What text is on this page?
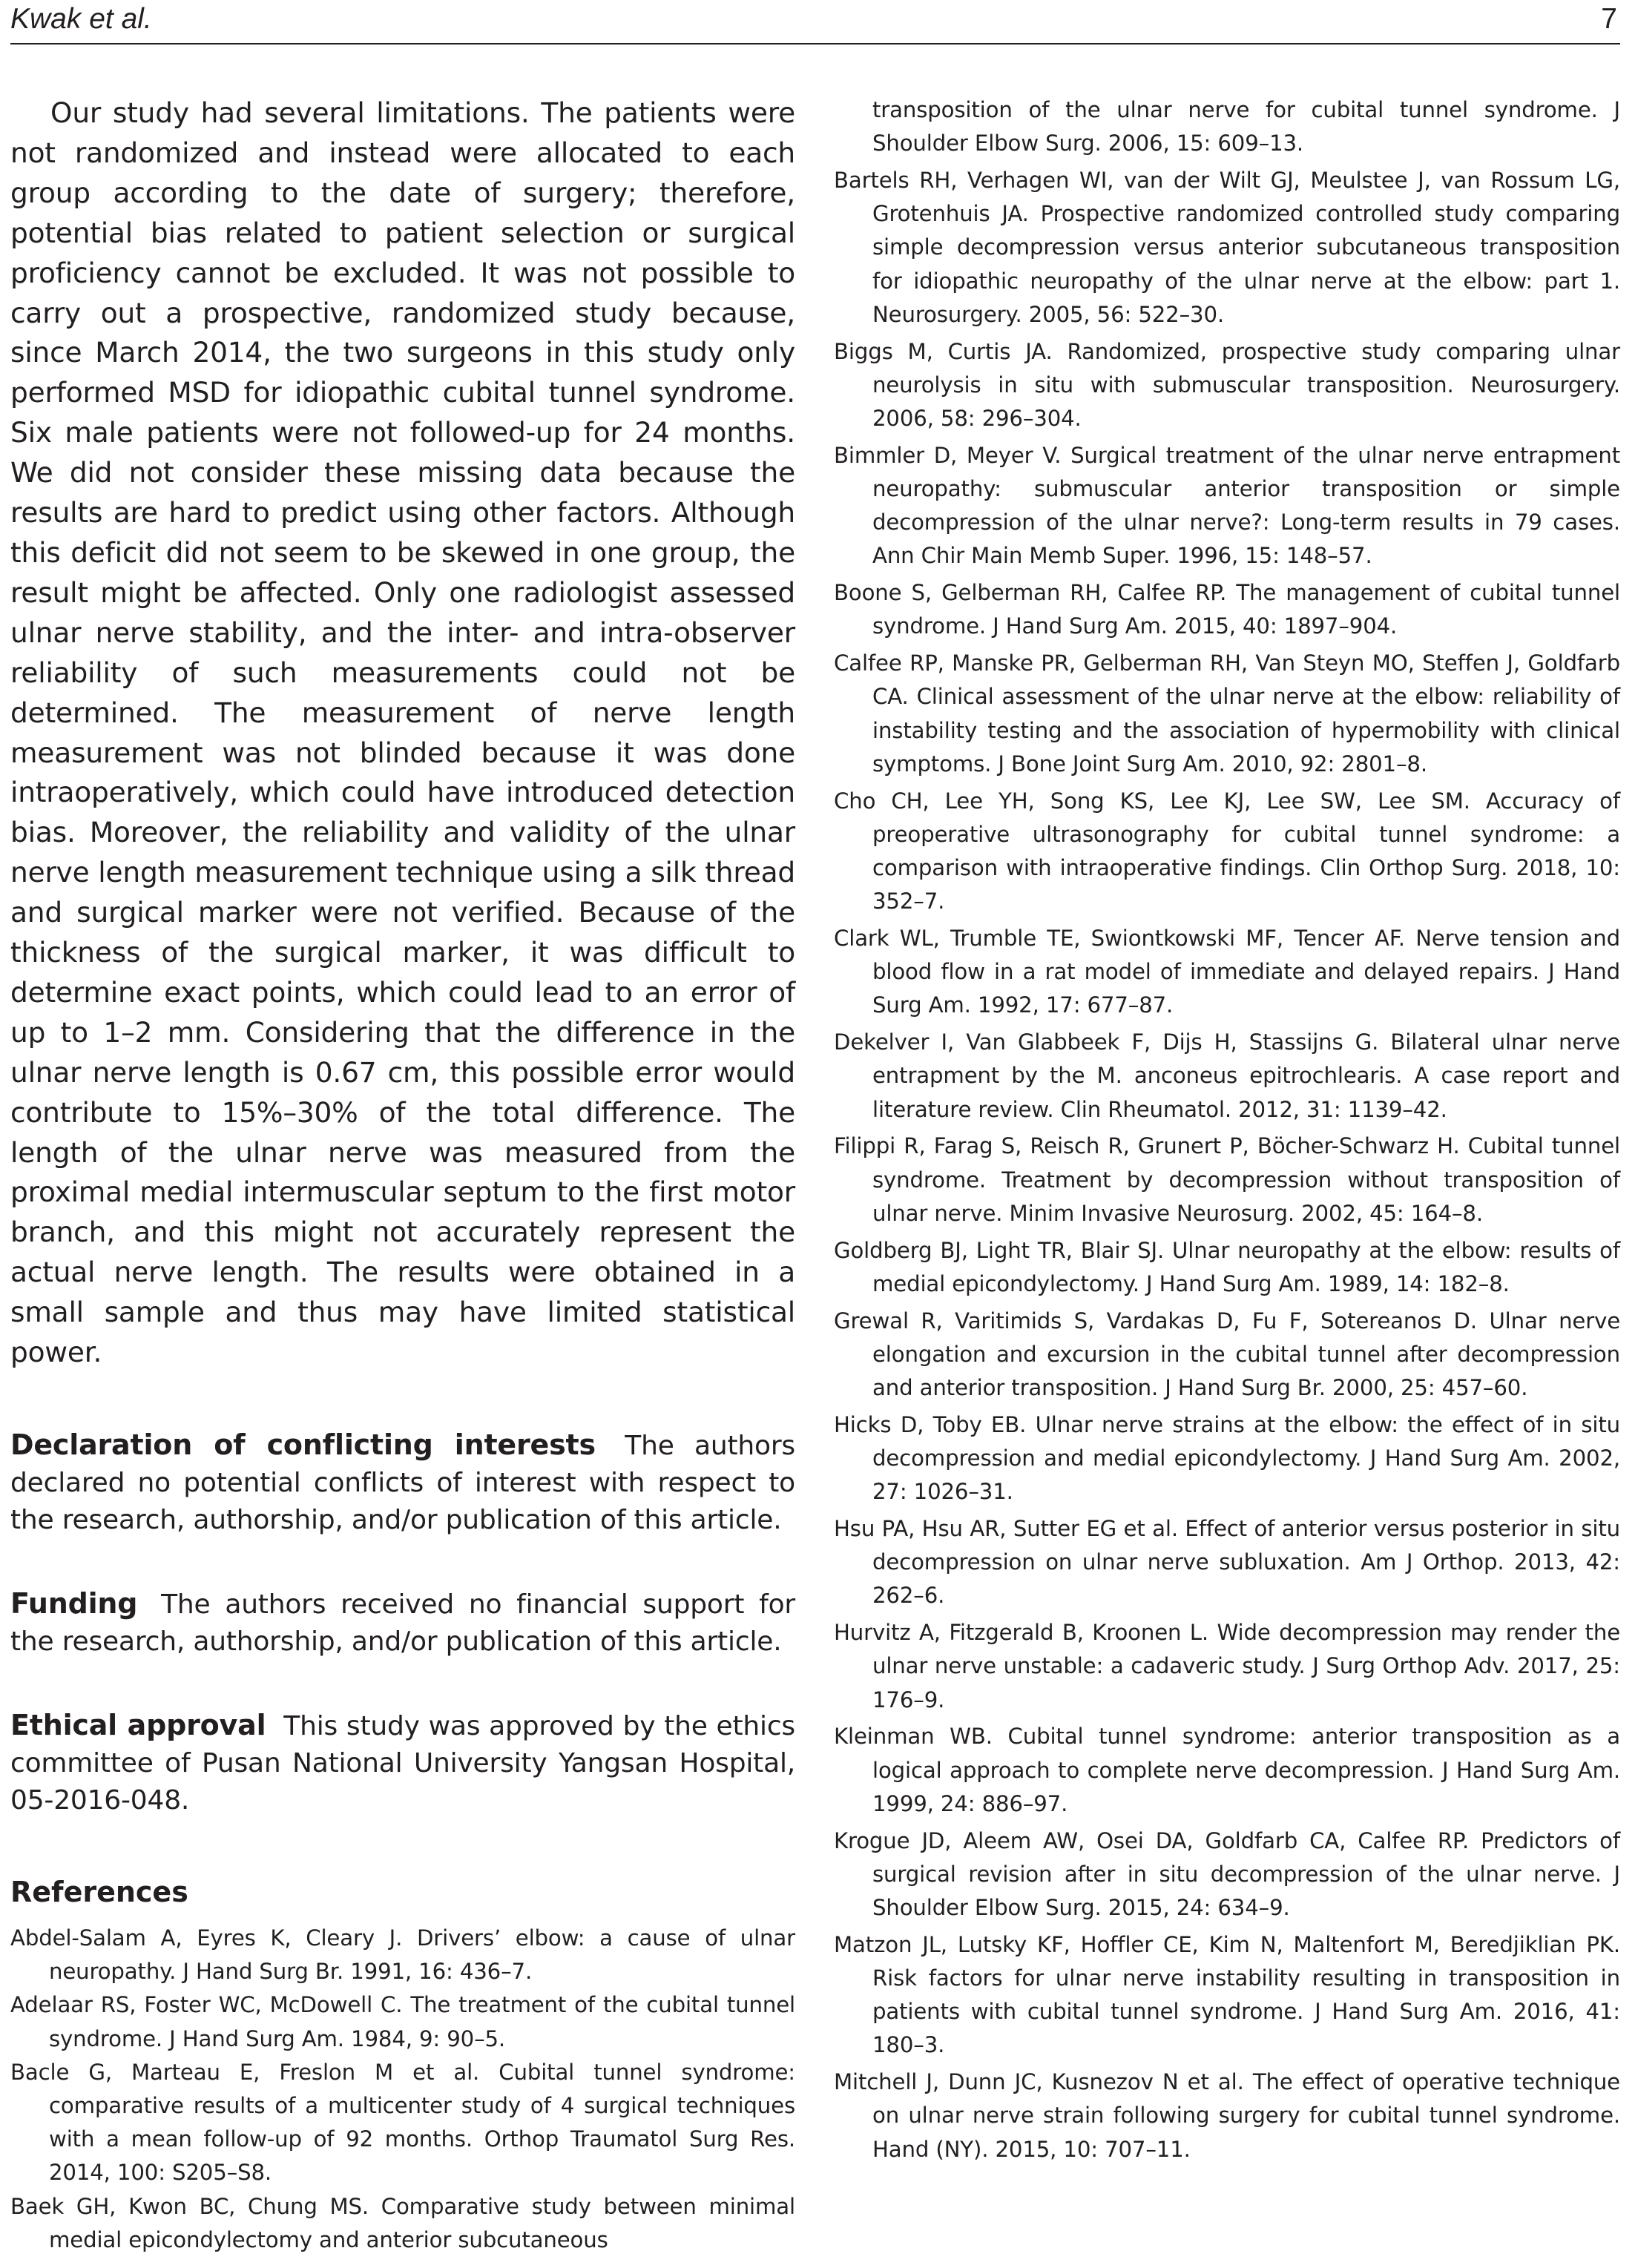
Kwak et al.	7

Our study had several limitations. The patients were not randomized and instead were allocated to each group according to the date of surgery; therefore, potential bias related to patient selection or surgical proficiency cannot be excluded. It was not possible to carry out a prospective, randomized study because, since March 2014, the two surgeons in this study only performed MSD for idiopathic cubital tunnel syndrome. Six male patients were not followed-up for 24 months. We did not consider these missing data because the results are hard to predict using other factors. Although this deficit did not seem to be skewed in one group, the result might be affected. Only one radiologist assessed ulnar nerve stability, and the inter- and intra-observer reliability of such measurements could not be determined. The measurement of nerve length measurement was not blinded because it was done intraoperatively, which could have introduced detection bias. Moreover, the reliability and validity of the ulnar nerve length measurement technique using a silk thread and surgical marker were not verified. Because of the thickness of the surgical marker, it was difficult to determine exact points, which could lead to an error of up to 1–2 mm. Considering that the difference in the ulnar nerve length is 0.67 cm, this possible error would contribute to 15%–30% of the total difference. The length of the ulnar nerve was measured from the proximal medial intermuscular septum to the first motor branch, and this might not accurately represent the actual nerve length. The results were obtained in a small sample and thus may have limited statistical power.

Declaration of conflicting interests The authors declared no potential conflicts of interest with respect to the research, authorship, and/or publication of this article.

Funding The authors received no financial support for the research, authorship, and/or publication of this article.

Ethical approval This study was approved by the ethics committee of Pusan National University Yangsan Hospital, 05-2016-048.

References
Abdel-Salam A, Eyres K, Cleary J. Drivers’ elbow: a cause of ulnar neuropathy. J Hand Surg Br. 1991, 16: 436–7.
Adelaar RS, Foster WC, McDowell C. The treatment of the cubital tunnel syndrome. J Hand Surg Am. 1984, 9: 90–5.
Bacle G, Marteau E, Freslon M et al. Cubital tunnel syndrome: comparative results of a multicenter study of 4 surgical techniques with a mean follow-up of 92 months. Orthop Traumatol Surg Res. 2014, 100: S205–S8.
Baek GH, Kwon BC, Chung MS. Comparative study between minimal medial epicondylectomy and anterior subcutaneous
transposition of the ulnar nerve for cubital tunnel syndrome. J Shoulder Elbow Surg. 2006, 15: 609–13.
Bartels RH, Verhagen WI, van der Wilt GJ, Meulstee J, van Rossum LG, Grotenhuis JA. Prospective randomized controlled study comparing simple decompression versus anterior subcutaneous transposition for idiopathic neuropathy of the ulnar nerve at the elbow: part 1. Neurosurgery. 2005, 56: 522–30.
Biggs M, Curtis JA. Randomized, prospective study comparing ulnar neurolysis in situ with submuscular transposition. Neurosurgery. 2006, 58: 296–304.
Bimmler D, Meyer V. Surgical treatment of the ulnar nerve entrapment neuropathy: submuscular anterior transposition or simple decompression of the ulnar nerve?: Long-term results in 79 cases. Ann Chir Main Memb Super. 1996, 15: 148–57.
Boone S, Gelberman RH, Calfee RP. The management of cubital tunnel syndrome. J Hand Surg Am. 2015, 40: 1897–904.
Calfee RP, Manske PR, Gelberman RH, Van Steyn MO, Steffen J, Goldfarb CA. Clinical assessment of the ulnar nerve at the elbow: reliability of instability testing and the association of hypermobility with clinical symptoms. J Bone Joint Surg Am. 2010, 92: 2801–8.
Cho CH, Lee YH, Song KS, Lee KJ, Lee SW, Lee SM. Accuracy of preoperative ultrasonography for cubital tunnel syndrome: a comparison with intraoperative findings. Clin Orthop Surg. 2018, 10: 352–7.
Clark WL, Trumble TE, Swiontkowski MF, Tencer AF. Nerve tension and blood flow in a rat model of immediate and delayed repairs. J Hand Surg Am. 1992, 17: 677–87.
Dekelver I, Van Glabbeek F, Dijs H, Stassijns G. Bilateral ulnar nerve entrapment by the M. anconeus epitrochlearis. A case report and literature review. Clin Rheumatol. 2012, 31: 1139–42.
Filippi R, Farag S, Reisch R, Grunert P, Böcher-Schwarz H. Cubital tunnel syndrome. Treatment by decompression without transposition of ulnar nerve. Minim Invasive Neurosurg. 2002, 45: 164–8.
Goldberg BJ, Light TR, Blair SJ. Ulnar neuropathy at the elbow: results of medial epicondylectomy. J Hand Surg Am. 1989, 14: 182–8.
Grewal R, Varitimids S, Vardakas D, Fu F, Sotereanos D. Ulnar nerve elongation and excursion in the cubital tunnel after decompression and anterior transposition. J Hand Surg Br. 2000, 25: 457–60.
Hicks D, Toby EB. Ulnar nerve strains at the elbow: the effect of in situ decompression and medial epicondylectomy. J Hand Surg Am. 2002, 27: 1026–31.
Hsu PA, Hsu AR, Sutter EG et al. Effect of anterior versus posterior in situ decompression on ulnar nerve subluxation. Am J Orthop. 2013, 42: 262–6.
Hurvitz A, Fitzgerald B, Kroonen L. Wide decompression may render the ulnar nerve unstable: a cadaveric study. J Surg Orthop Adv. 2017, 25: 176–9.
Kleinman WB. Cubital tunnel syndrome: anterior transposition as a logical approach to complete nerve decompression. J Hand Surg Am. 1999, 24: 886–97.
Krogue JD, Aleem AW, Osei DA, Goldfarb CA, Calfee RP. Predictors of surgical revision after in situ decompression of the ulnar nerve. J Shoulder Elbow Surg. 2015, 24: 634–9.
Matzon JL, Lutsky KF, Hoffler CE, Kim N, Maltenfort M, Beredjiklian PK. Risk factors for ulnar nerve instability resulting in transposition in patients with cubital tunnel syndrome. J Hand Surg Am. 2016, 41: 180–3.
Mitchell J, Dunn JC, Kusnezov N et al. The effect of operative technique on ulnar nerve strain following surgery for cubital tunnel syndrome. Hand (NY). 2015, 10: 707–11.
